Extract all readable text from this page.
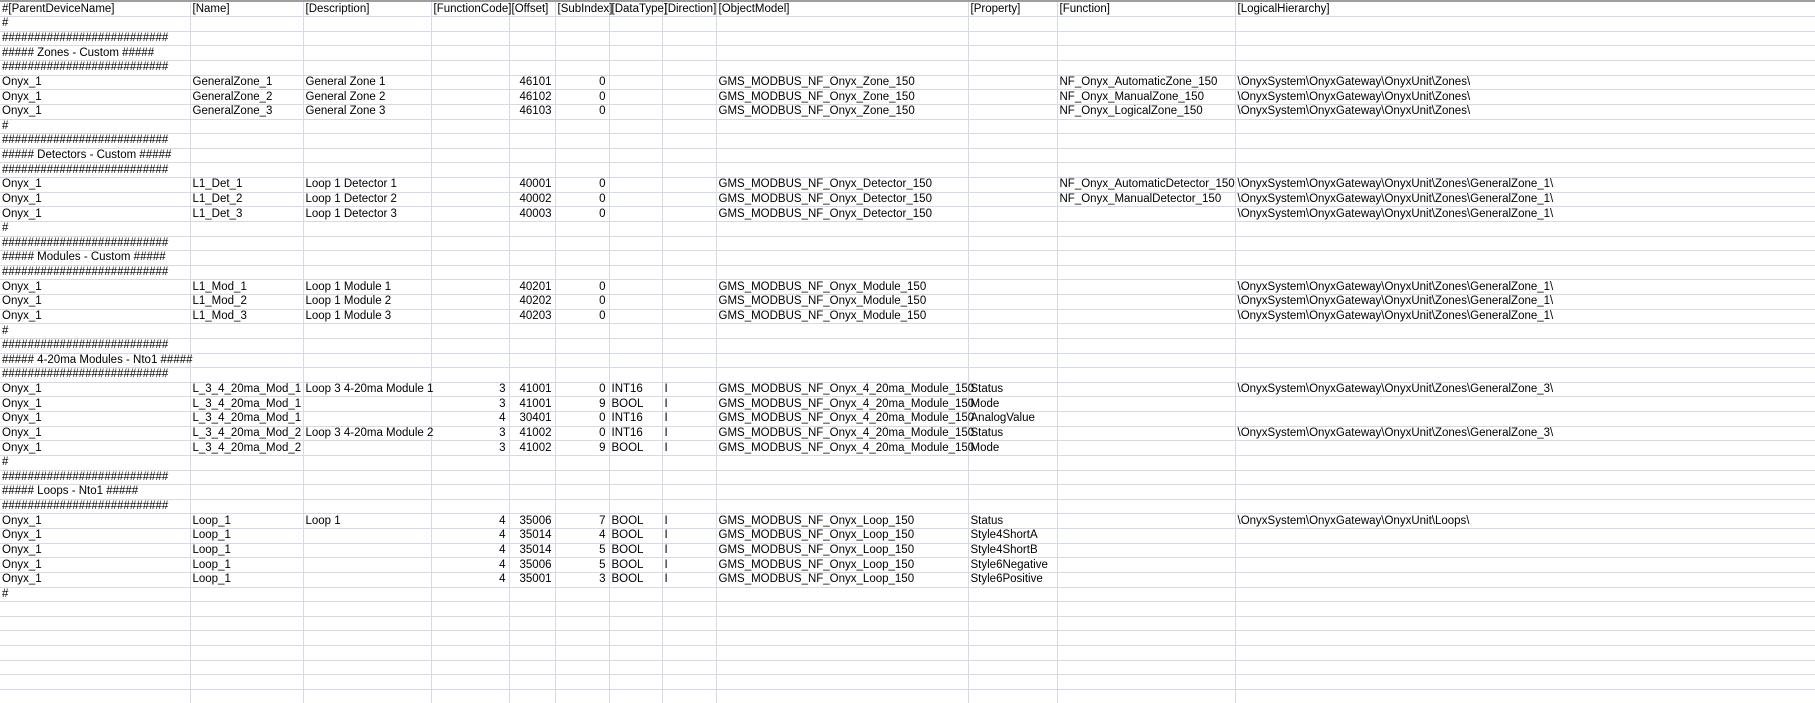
#[ParentDeviceName]	[Name]	[Description]	[FunctionCode]	[Offset]	[SubIndex]	[DataType]	[Direction]	[ObjectModel]	[Property]	[Function]	[LogicalHierarchy]
#											
##########################											
##### Zones - Custom #####											
##########################											
Onyx_1	GeneralZone_1	General Zone 1		46101	0			GMS_MODBUS_NF_Onyx_Zone_150		NF_Onyx_AutomaticZone_150	\OnyxSystem\OnyxGateway\OnyxUnit\Zones\
Onyx_1	GeneralZone_2	General Zone 2		46102	0			GMS_MODBUS_NF_Onyx_Zone_150		NF_Onyx_ManualZone_150	\OnyxSystem\OnyxGateway\OnyxUnit\Zones\
Onyx_1	GeneralZone_3	General Zone 3		46103	0			GMS_MODBUS_NF_Onyx_Zone_150		NF_Onyx_LogicalZone_150	\OnyxSystem\OnyxGateway\OnyxUnit\Zones\
#											
##########################											
##### Detectors - Custom #####											
##########################											
Onyx_1	L1_Det_1	Loop 1 Detector 1		40001	0			GMS_MODBUS_NF_Onyx_Detector_150		NF_Onyx_AutomaticDetector_150	\OnyxSystem\OnyxGateway\OnyxUnit\Zones\GeneralZone_1\
Onyx_1	L1_Det_2	Loop 1 Detector 2		40002	0			GMS_MODBUS_NF_Onyx_Detector_150		NF_Onyx_ManualDetector_150	\OnyxSystem\OnyxGateway\OnyxUnit\Zones\GeneralZone_1\
Onyx_1	L1_Det_3	Loop 1 Detector 3		40003	0			GMS_MODBUS_NF_Onyx_Detector_150			\OnyxSystem\OnyxGateway\OnyxUnit\Zones\GeneralZone_1\
#											
##########################											
##### Modules - Custom #####											
##########################											
Onyx_1	L1_Mod_1	Loop 1 Module 1		40201	0			GMS_MODBUS_NF_Onyx_Module_150			\OnyxSystem\OnyxGateway\OnyxUnit\Zones\GeneralZone_1\
Onyx_1	L1_Mod_2	Loop 1 Module 2		40202	0			GMS_MODBUS_NF_Onyx_Module_150			\OnyxSystem\OnyxGateway\OnyxUnit\Zones\GeneralZone_1\
Onyx_1	L1_Mod_3	Loop 1 Module 3		40203	0			GMS_MODBUS_NF_Onyx_Module_150			\OnyxSystem\OnyxGateway\OnyxUnit\Zones\GeneralZone_1\
#											
##########################											
##### 4-20ma Modules - Nto1 #####											
##########################											
Onyx_1	L_3_4_20ma_Mod_1	Loop 3 4-20ma Module 1	3	41001	0	INT16	I	GMS_MODBUS_NF_Onyx_4_20ma_Module_150	Status		\OnyxSystem\OnyxGateway\OnyxUnit\Zones\GeneralZone_3\
Onyx_1	L_3_4_20ma_Mod_1		3	41001	9	BOOL	I	GMS_MODBUS_NF_Onyx_4_20ma_Module_150	Mode		
Onyx_1	L_3_4_20ma_Mod_1		4	30401	0	INT16	I	GMS_MODBUS_NF_Onyx_4_20ma_Module_150	AnalogValue		
Onyx_1	L_3_4_20ma_Mod_2	Loop 3 4-20ma Module 2	3	41002	0	INT16	I	GMS_MODBUS_NF_Onyx_4_20ma_Module_150	Status		\OnyxSystem\OnyxGateway\OnyxUnit\Zones\GeneralZone_3\
Onyx_1	L_3_4_20ma_Mod_2		3	41002	9	BOOL	I	GMS_MODBUS_NF_Onyx_4_20ma_Module_150	Mode		
#											
##########################											
##### Loops - Nto1 #####											
##########################											
Onyx_1	Loop_1	Loop 1	4	35006	7	BOOL	I	GMS_MODBUS_NF_Onyx_Loop_150	Status		\OnyxSystem\OnyxGateway\OnyxUnit\Loops\
Onyx_1	Loop_1		4	35014	4	BOOL	I	GMS_MODBUS_NF_Onyx_Loop_150	Style4ShortA		
Onyx_1	Loop_1		4	35014	5	BOOL	I	GMS_MODBUS_NF_Onyx_Loop_150	Style4ShortB		
Onyx_1	Loop_1		4	35006	5	BOOL	I	GMS_MODBUS_NF_Onyx_Loop_150	Style6Negative		
Onyx_1	Loop_1		4	35001	3	BOOL	I	GMS_MODBUS_NF_Onyx_Loop_150	Style6Positive		
#											
